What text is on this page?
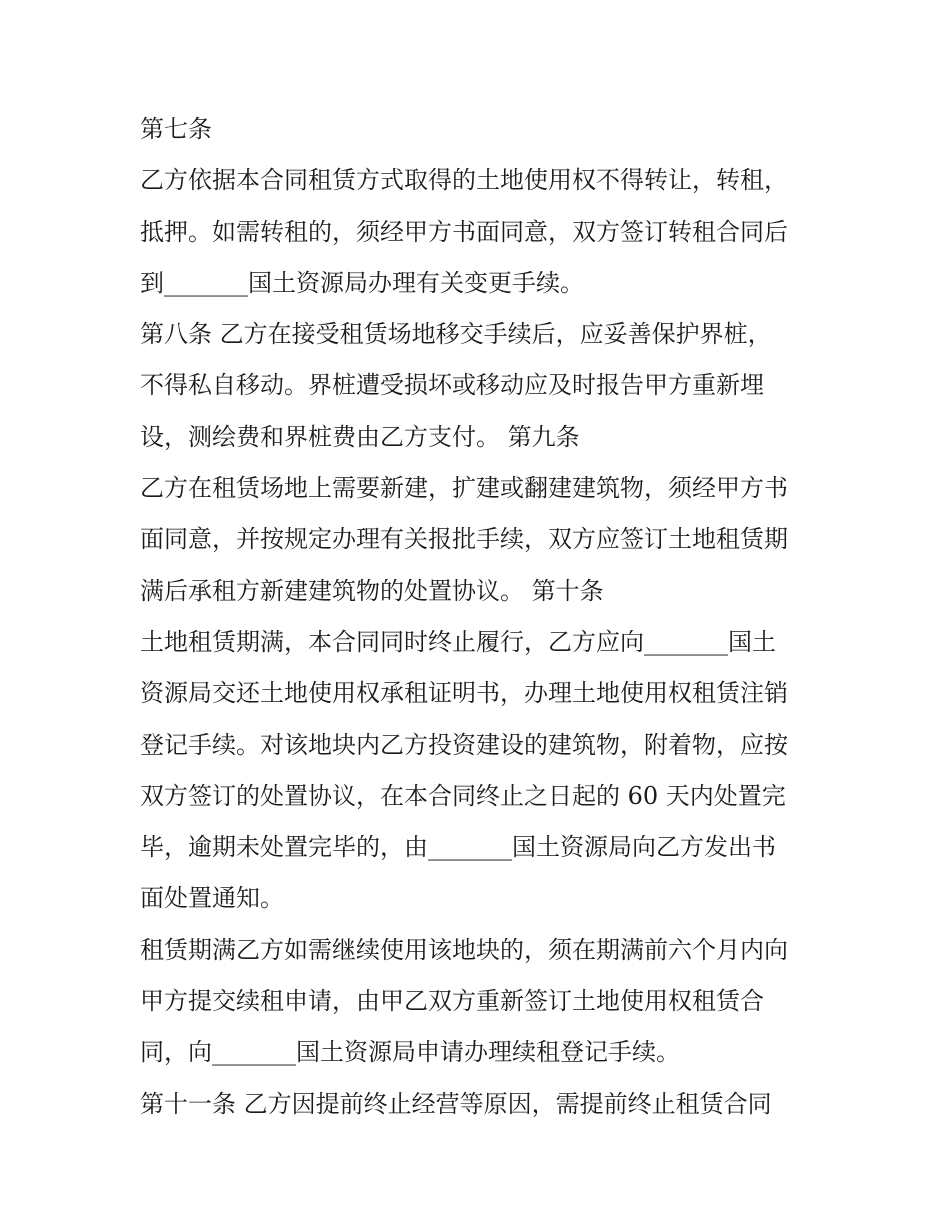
第七条
乙方依据本合同租赁方式取得的土地使用权不得转让，转租，
抵押。如需转租的，须经甲方书面同意，双方签订转租合同后
到_______国土资源局办理有关变更手续。
第八条 乙方在接受租赁场地移交手续后，应妥善保护界桩，
不得私自移动。界桩遭受损坏或移动应及时报告甲方重新埋
设，测绘费和界桩费由乙方支付。 第九条
乙方在租赁场地上需要新建，扩建或翻建建筑物，须经甲方书
面同意，并按规定办理有关报批手续，双方应签订土地租赁期
满后承租方新建建筑物的处置协议。 第十条
土地租赁期满，本合同同时终止履行，乙方应向_______国土
资源局交还土地使用权承租证明书，办理土地使用权租赁注销
登记手续。对该地块内乙方投资建设的建筑物，附着物，应按
双方签订的处置协议，在本合同终止之日起的 60 天内处置完
毕，逾期未处置完毕的，由_______国土资源局向乙方发出书
面处置通知。
租赁期满乙方如需继续使用该地块的，须在期满前六个月内向
甲方提交续租申请，由甲乙双方重新签订土地使用权租赁合
同，向_______国土资源局申请办理续租登记手续。
第十一条 乙方因提前终止经营等原因，需提前终止租赁合同
